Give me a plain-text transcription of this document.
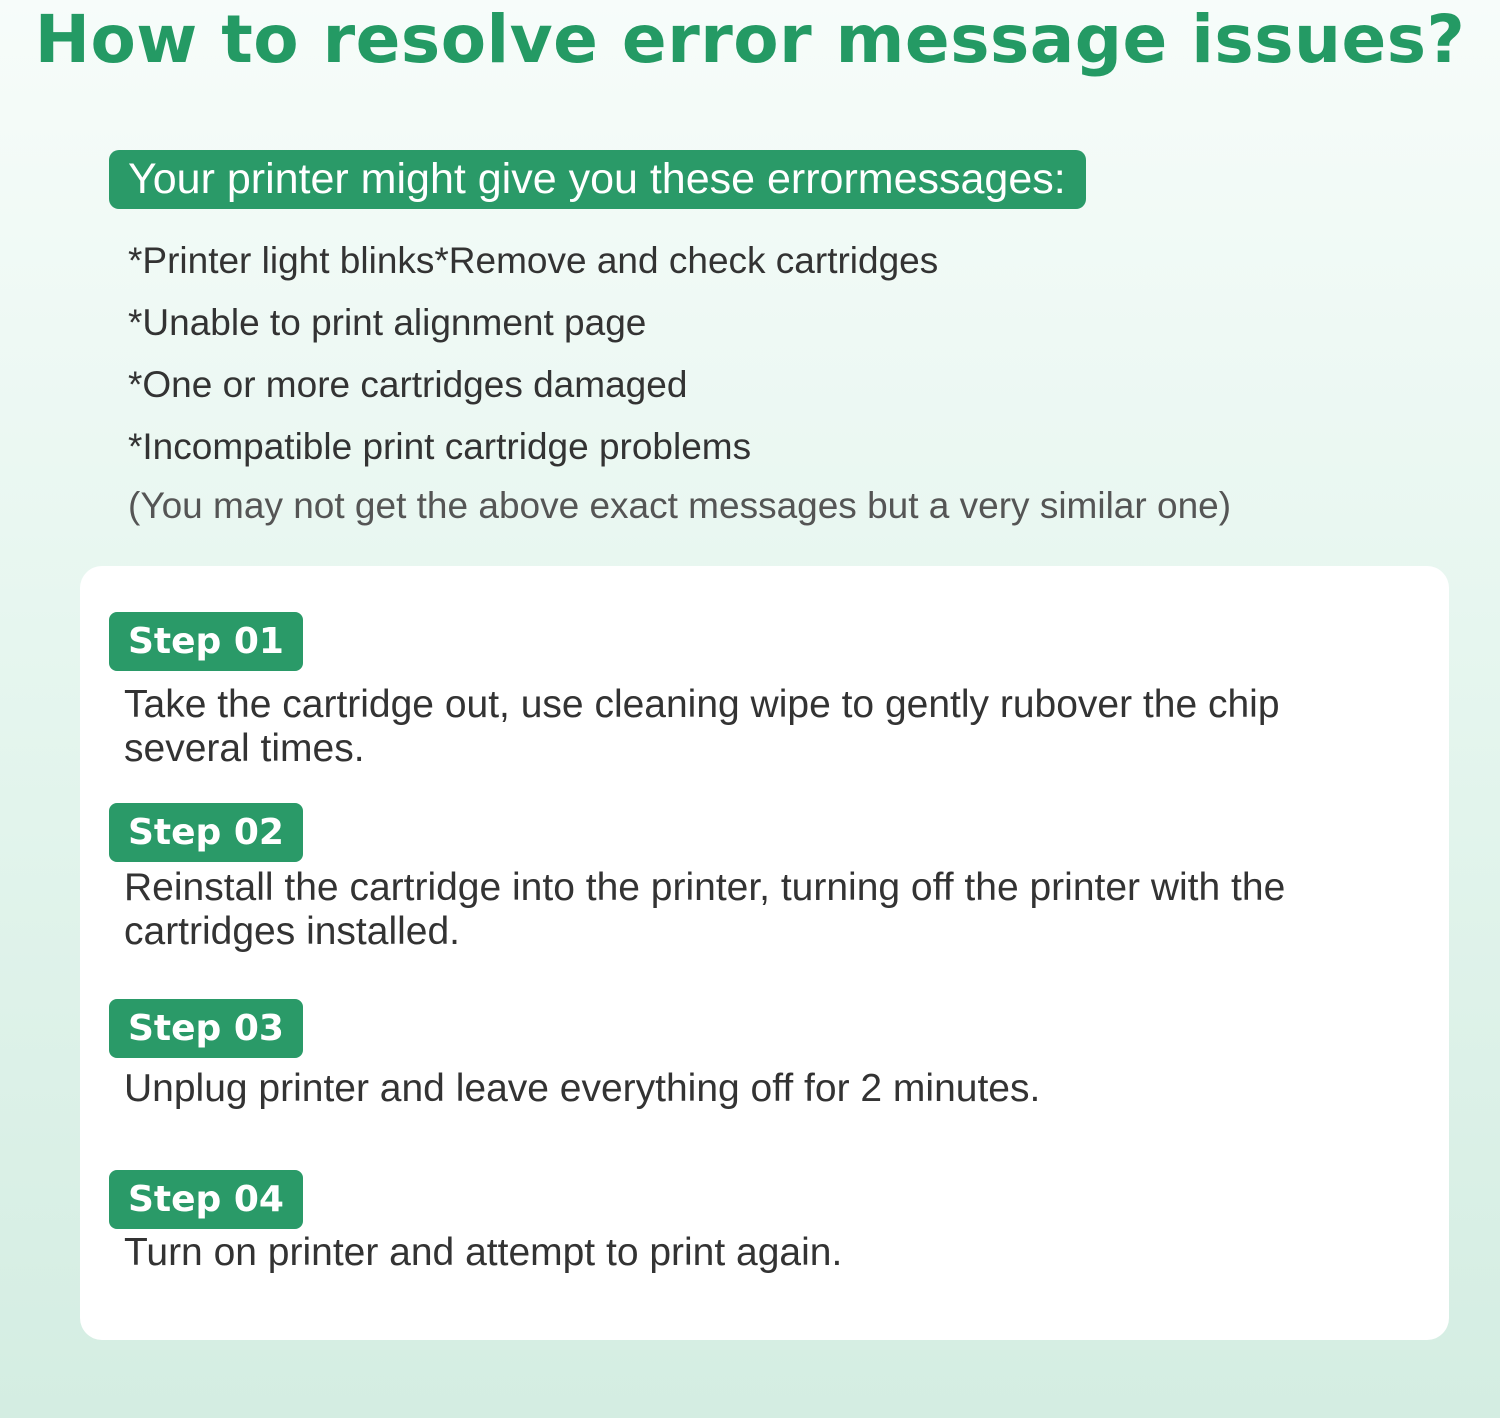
How to resolve error message issues?
Your printer might give you these errormessages:
*Printer light blinks*Remove and check cartridges
*Unable to print alignment page
*One or more cartridges damaged
*Incompatible print cartridge problems
(You may not get the above exact messages but a very similar one)
Step 01
Take the cartridge out, use cleaning wipe to gently rubover the chip several times.
Step 02
Reinstall the cartridge into the printer, turning off the printer with the cartridges installed.
Step 03
Unplug printer and leave everything off for 2 minutes.
Step 04
Turn on printer and attempt to print again.
